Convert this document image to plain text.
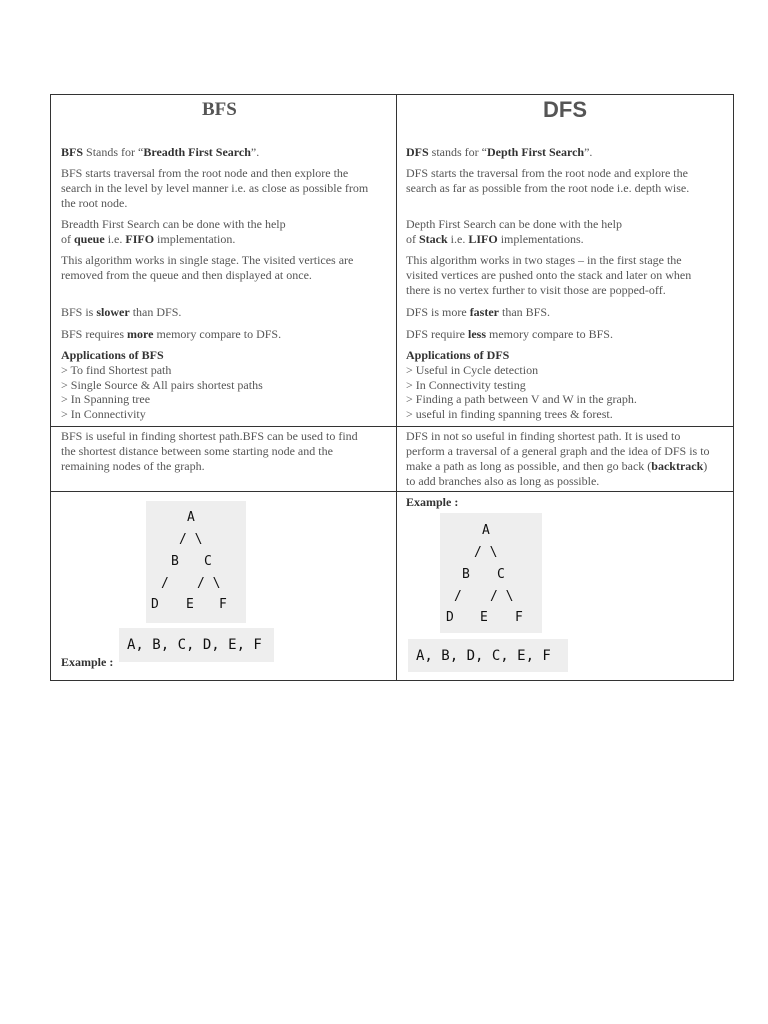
BFS	DFS
BFS Stands for “Breadth First Search”.
BFS starts traversal from the root node and then explore the
search in the level by level manner i.e. as close as possible from
the root node.
Breadth First Search can be done with the help
of queue i.e. FIFO implementation.
This algorithm works in single stage. The visited vertices are
removed from the queue and then displayed at once.
BFS is slower than DFS.
BFS requires more memory compare to DFS.
Applications of BFS
> To find Shortest path
> Single Source & All pairs shortest paths
> In Spanning tree
> In Connectivity
BFS is useful in finding shortest path.BFS can be used to find
the shortest distance between some starting node and the
remaining nodes of the graph.
A
/ \
B C
/ / \
D E F
A, B, C, D, E, F
Example :
DFS stands for “Depth First Search”.
DFS starts the traversal from the root node and explore the
search as far as possible from the root node i.e. depth wise.
Depth First Search can be done with the help
of Stack i.e. LIFO implementations.
This algorithm works in two stages – in the first stage the
visited vertices are pushed onto the stack and later on when
there is no vertex further to visit those are popped-off.
DFS is more faster than BFS.
DFS require less memory compare to BFS.
Applications of DFS
> Useful in Cycle detection
> In Connectivity testing
> Finding a path between V and W in the graph.
> useful in finding spanning trees & forest.
DFS in not so useful in finding shortest path. It is used to
perform a traversal of a general graph and the idea of DFS is to
make a path as long as possible, and then go back (backtrack)
to add branches also as long as possible.
Example :
A
/ \
B C
/ / \
D E F
A, B, D, C, E, F
